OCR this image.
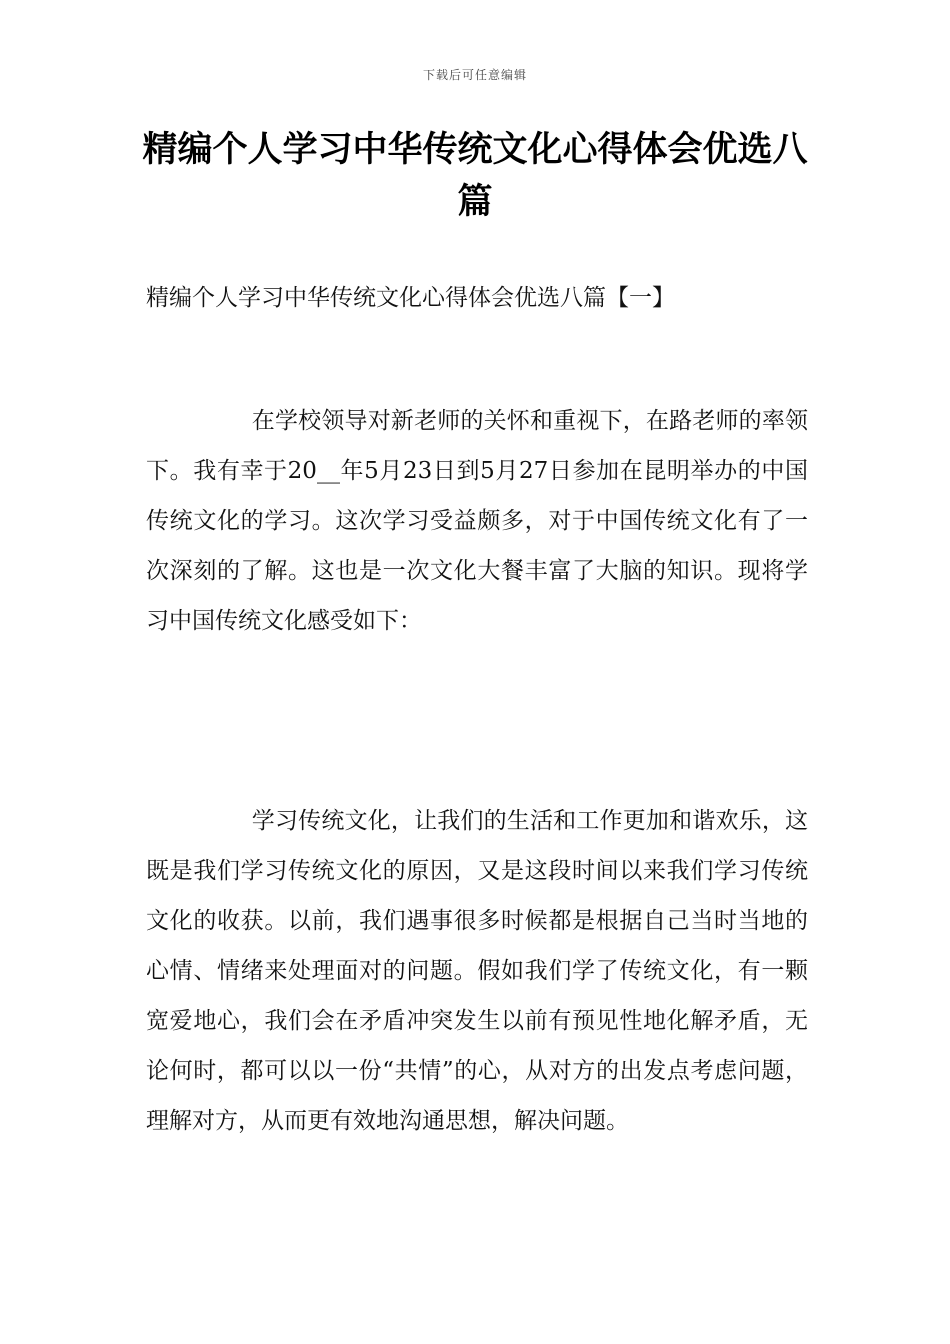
下载后可任意编辑
精编个人学习中华传统文化心得体会优选八篇
精编个人学习中华传统文化心得体会优选八篇【一】

在学校领导对新老师的关怀和重视下，在路老师的率领下。我有幸于20__年5月23日到5月27日参加在昆明举办的中国传统文化的学习。这次学习受益颇多，对于中国传统文化有了一次深刻的了解。这也是一次文化大餐丰富了大脑的知识。现将学习中国传统文化感受如下：

学习传统文化，让我们的生活和工作更加和谐欢乐，这既是我们学习传统文化的原因，又是这段时间以来我们学习传统文化的收获。以前，我们遇事很多时候都是根据自己当时当地的心情、情绪来处理面对的问题。假如我们学了传统文化，有一颗宽爱地心，我们会在矛盾冲突发生以前有预见性地化解矛盾，无论何时，都可以以一份“共情”的心，从对方的出发点考虑问题，理解对方，从而更有效地沟通思想，解决问题。
